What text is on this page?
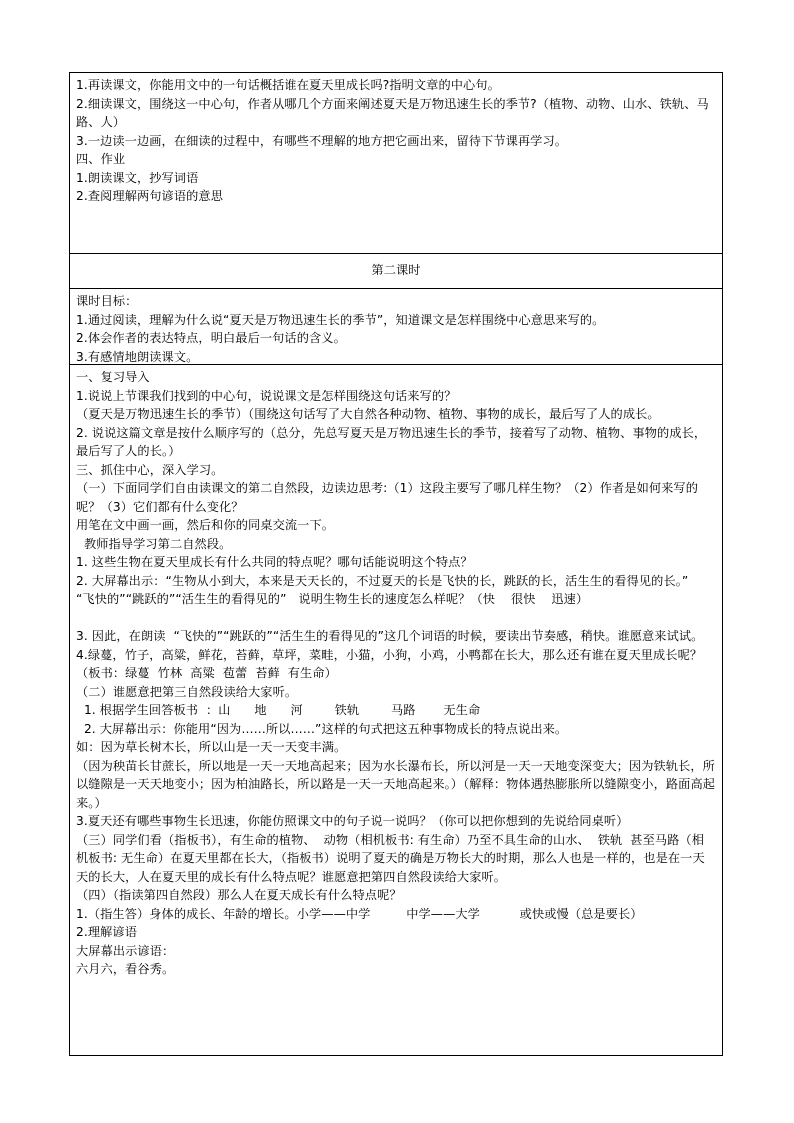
1.再读课文，你能用文中的一句话概括谁在夏天里成长吗?指明文章的中心句。

2.细读课文，围绕这一中心句，作者从哪几个方面来阐述夏天是万物迅速生长的季节?（植物、动物、山水、铁轨、马路、人）

3.一边读一边画，在细读的过程中，有哪些不理解的地方把它画出来，留待下节课再学习。

四、作业

1.朗读课文，抄写词语

2.查阅理解两句谚语的意思

第二课时

课时目标：

1.通过阅读，理解为什么说“夏天是万物迅速生长的季节”，知道课文是怎样围绕中心意思来写的。

2.体会作者的表达特点，明白最后一句话的含义。

3.有感情地朗读课文。

一、复习导入

1.说说上节课我们找到的中心句，说说课文是怎样围绕这句话来写的？

（夏天是万物迅速生长的季节）（围绕这句话写了大自然各种动物、植物、事物的成长，最后写了人的成长。

2. 说说这篇文章是按什么顺序写的（总分，先总写夏天是万物迅速生长的季节，接着写了动物、植物、事物的成长，最后写了人的长。）

三、抓住中心，深入学习。

（一）下面同学们自由读课文的第二自然段，边读边思考:（1）这段主要写了哪几样生物？（2）作者是如何来写的呢？（3）它们都有什么变化？

用笔在文中画一画，然后和你的同桌交流一下。

教师指导学习第二自然段。

1. 这些生物在夏天里成长有什么共同的特点呢？哪句话能说明这个特点？

2. 大屏幕出示：“生物从小到大，本来是天天长的，不过夏天的长是飞快的长，跳跃的长，活生生的看得见的长。”

“飞快的”“跳跃的”“活生生的看得见的”   说明生物生长的速度怎么样呢？（快    很快    迅速）

3. 因此，在朗读  “飞快的”“跳跃的”“活生生的看得见的”这几个词语的时候，要读出节奏感，稍快。谁愿意来试试。

4.绿蔓，竹子，高粱，鲜花，苔藓，草坪，菜畦，小猫，小狗，小鸡，小鸭都在长大，那么还有谁在夏天里成长呢？（板书：绿蔓  竹林  高粱  苞蕾  苔藓  有生命）

（二）谁愿意把第三自然段读给大家听。

1. 根据学生回答板书  ：山      地      河        铁轨        马路       无生命

2. 大屏幕出示：你能用“因为……所以……”这样的句式把这五种事物成长的特点说出来。

如：因为草长树木长，所以山是一天一天变丰满。

（因为秧苗长甘蔗长，所以地是一天一天地高起来；因为水长瀑布长，所以河是一天一天地变深变大；因为铁轨长，所以缝隙是一天天地变小；因为柏油路长，所以路是一天一天地高起来。）（解释：物体遇热膨胀所以缝隙变小，路面高起来。）

3.夏天还有哪些事物生长迅速，你能仿照课文中的句子说一说吗？（你可以把你想到的先说给同桌听）

（三）同学们看（指板书），有生命的植物、  动物（相机板书: 有生命）乃至不具生命的山水、  铁轨  甚至马路（相机板书: 无生命）在夏天里都在长大，（指板书）说明了夏天的确是万物长大的时期，那么人也是一样的，也是在一天天的长大，人在夏天里的成长有什么特点呢？谁愿意把第四自然段读给大家听。

（四）（指读第四自然段）那么人在夏天成长有什么特点呢？

1.（指生答）身体的成长、年龄的增长。小学——中学         中学——大学          或快或慢（总是要长）

2.理解谚语

大屏幕出示谚语：

六月六，看谷秀。
